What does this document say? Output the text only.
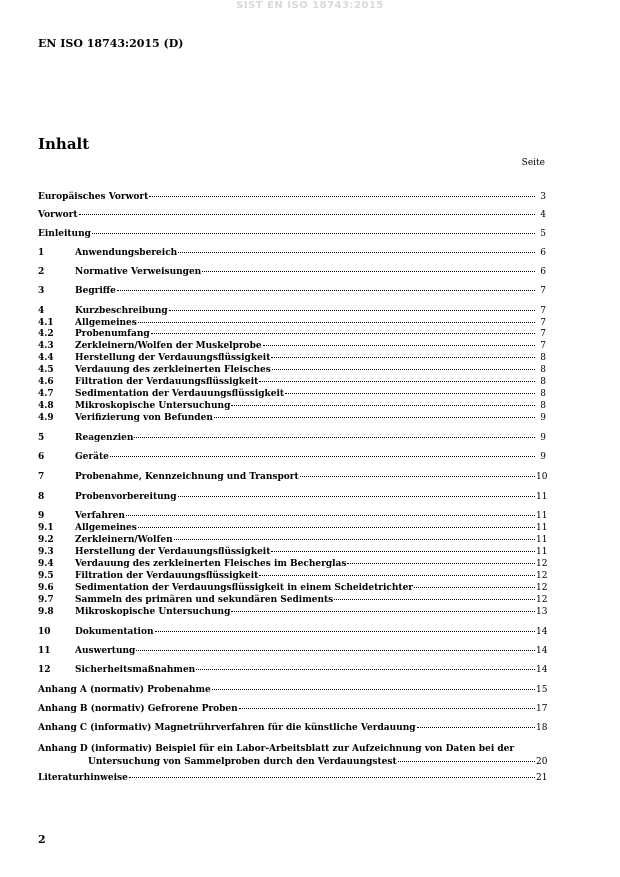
SIST EN ISO 18743:2015
EN ISO 18743:2015 (D)
Inhalt
Seite
Europäisches Vorwort	3
Vorwort	4
Einleitung	5
1	Anwendungsbereich	6
2	Normative Verweisungen	6
3	Begriffe	7
4	Kurzbeschreibung	7
4.1	Allgemeines	7
4.2	Probenumfang	7
4.3	Zerkleinern/Wolfen der Muskelprobe	7
4.4	Herstellung der Verdauungsflüssigkeit	8
4.5	Verdauung des zerkleinerten Fleisches	8
4.6	Filtration der Verdauungsflüssigkeit	8
4.7	Sedimentation der Verdauungsflüssigkeit	8
4.8	Mikroskopische Untersuchung	8
4.9	Verifizierung von Befunden	9
5	Reagenzien	9
6	Geräte	9
7	Probenahme, Kennzeichnung und Transport	10
8	Probenvorbereitung	11
9	Verfahren	11
9.1	Allgemeines	11
9.2	Zerkleinern/Wolfen	11
9.3	Herstellung der Verdauungsflüssigkeit	11
9.4	Verdauung des zerkleinerten Fleisches im Becherglas	12
9.5	Filtration der Verdauungsflüssigkeit	12
9.6	Sedimentation der Verdauungsflüssigkeit in einem Scheidetrichter	12
9.7	Sammeln des primären und sekundären Sediments	12
9.8	Mikroskopische Untersuchung	13
10	Dokumentation	14
11	Auswertung	14
12	Sicherheitsmaßnahmen	14
Anhang A (normativ) Probenahme	15
Anhang B (normativ) Gefrorene Proben	17
Anhang C (informativ) Magnetrührverfahren für die künstliche Verdauung	18
Anhang D (informativ) Beispiel für ein Labor-Arbeitsblatt zur Aufzeichnung von Daten bei der
Untersuchung von Sammelproben durch den Verdauungstest	20
Literaturhinweise	21
2
